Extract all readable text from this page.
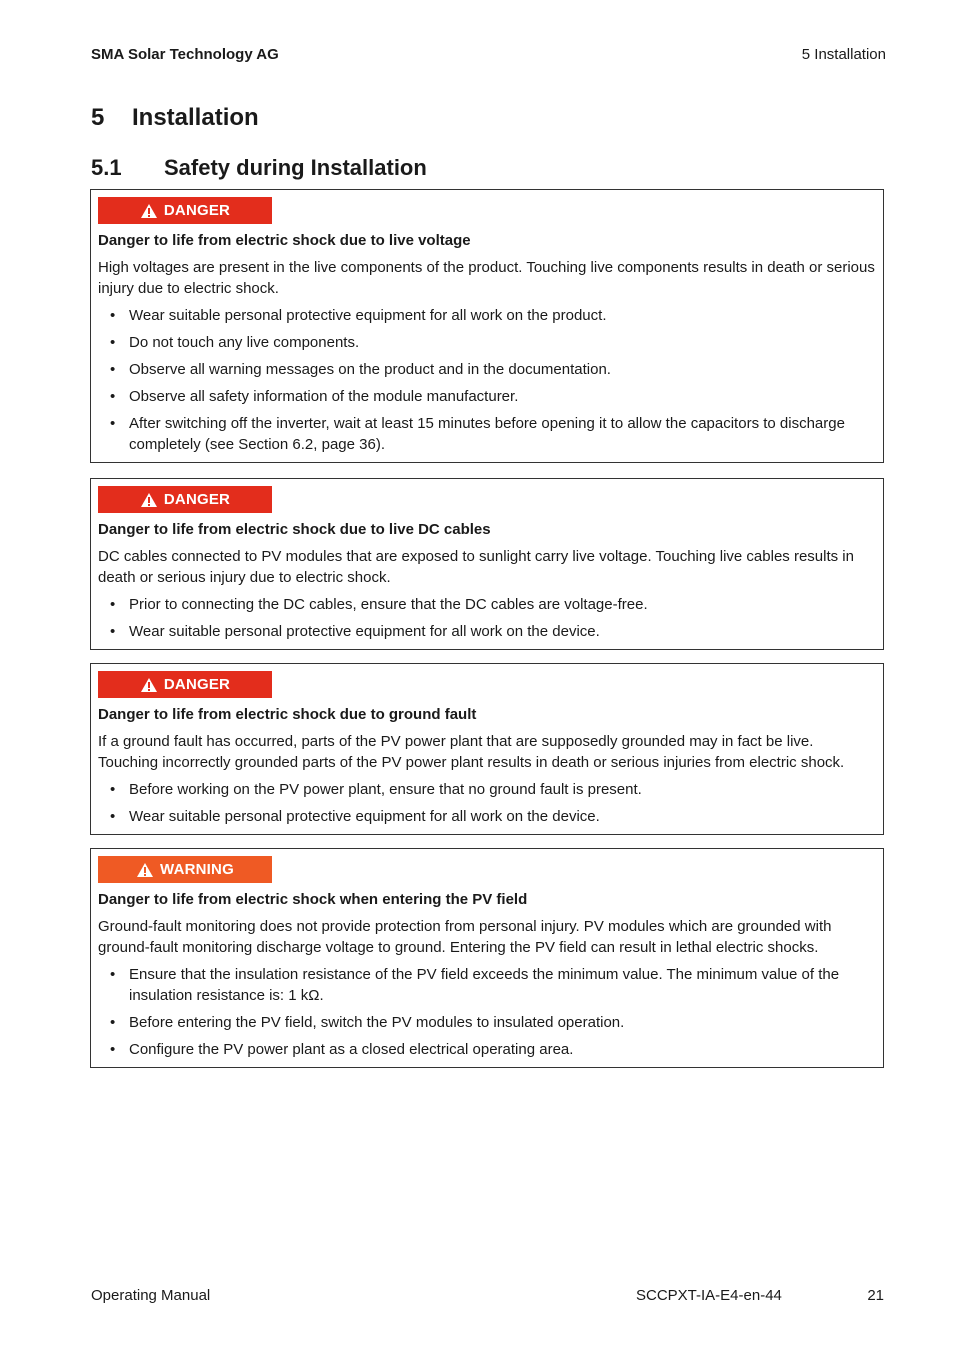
SMA Solar Technology AG	5 Installation
5 Installation
5.1 Safety during Installation
DANGER
Danger to life from electric shock due to live voltage
High voltages are present in the live components of the product. Touching live components results in death or serious injury due to electric shock.
• Wear suitable personal protective equipment for all work on the product.
• Do not touch any live components.
• Observe all warning messages on the product and in the documentation.
• Observe all safety information of the module manufacturer.
• After switching off the inverter, wait at least 15 minutes before opening it to allow the capacitors to discharge completely (see Section 6.2, page 36).
DANGER
Danger to life from electric shock due to live DC cables
DC cables connected to PV modules that are exposed to sunlight carry live voltage. Touching live cables results in death or serious injury due to electric shock.
• Prior to connecting the DC cables, ensure that the DC cables are voltage-free.
• Wear suitable personal protective equipment for all work on the device.
DANGER
Danger to life from electric shock due to ground fault
If a ground fault has occurred, parts of the PV power plant that are supposedly grounded may in fact be live. Touching incorrectly grounded parts of the PV power plant results in death or serious injuries from electric shock.
• Before working on the PV power plant, ensure that no ground fault is present.
• Wear suitable personal protective equipment for all work on the device.
WARNING
Danger to life from electric shock when entering the PV field
Ground-fault monitoring does not provide protection from personal injury. PV modules which are grounded with ground-fault monitoring discharge voltage to ground. Entering the PV field can result in lethal electric shocks.
• Ensure that the insulation resistance of the PV field exceeds the minimum value. The minimum value of the insulation resistance is: 1 kΩ.
• Before entering the PV field, switch the PV modules to insulated operation.
• Configure the PV power plant as a closed electrical operating area.
Operating Manual	SCCPXT-IA-E4-en-44	21
